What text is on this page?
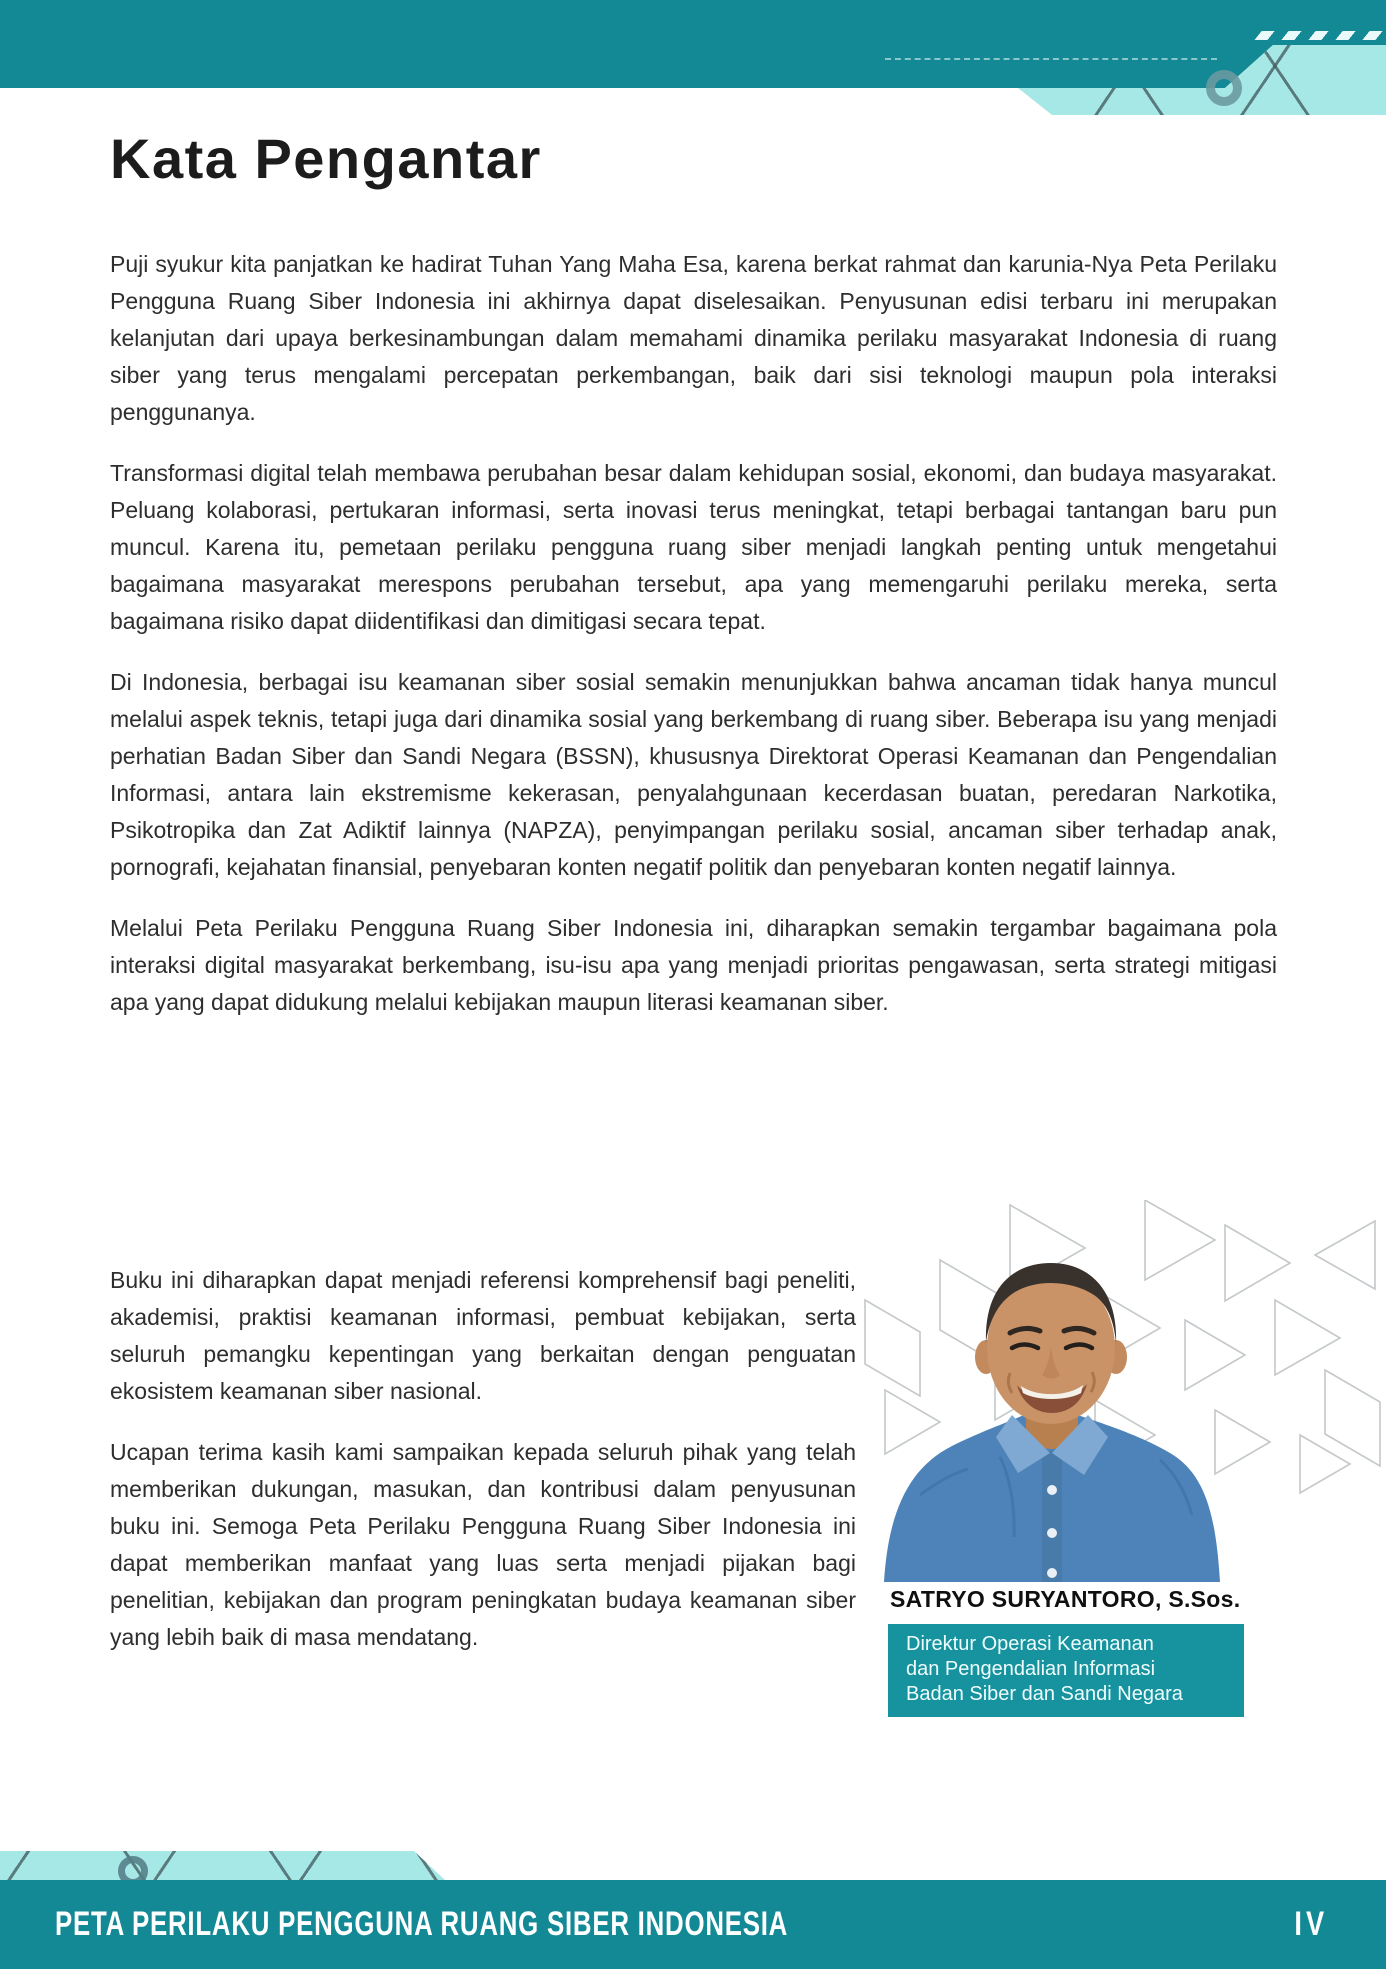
Kata Pengantar

Puji syukur kita panjatkan ke hadirat Tuhan Yang Maha Esa, karena berkat rahmat dan karunia-Nya Peta Perilaku Pengguna Ruang Siber Indonesia ini akhirnya dapat diselesaikan. Penyusunan edisi terbaru ini merupakan kelanjutan dari upaya berkesinambungan dalam memahami dinamika perilaku masyarakat Indonesia di ruang siber yang terus mengalami percepatan perkembangan, baik dari sisi teknologi maupun pola interaksi penggunanya.

Transformasi digital telah membawa perubahan besar dalam kehidupan sosial, ekonomi, dan budaya masyarakat. Peluang kolaborasi, pertukaran informasi, serta inovasi terus meningkat, tetapi berbagai tantangan baru pun muncul. Karena itu, pemetaan perilaku pengguna ruang siber menjadi langkah penting untuk mengetahui bagaimana masyarakat merespons perubahan tersebut, apa yang memengaruhi perilaku mereka, serta bagaimana risiko dapat diidentifikasi dan dimitigasi secara tepat.

Di Indonesia, berbagai isu keamanan siber sosial semakin menunjukkan bahwa ancaman tidak hanya muncul melalui aspek teknis, tetapi juga dari dinamika sosial yang berkembang di ruang siber. Beberapa isu yang menjadi perhatian Badan Siber dan Sandi Negara (BSSN), khususnya Direktorat Operasi Keamanan dan Pengendalian Informasi, antara lain ekstremisme kekerasan, penyalahgunaan kecerdasan buatan, peredaran Narkotika, Psikotropika dan Zat Adiktif lainnya (NAPZA), penyimpangan perilaku sosial, ancaman siber terhadap anak, pornografi, kejahatan finansial, penyebaran konten negatif politik dan penyebaran konten negatif lainnya.

Melalui Peta Perilaku Pengguna Ruang Siber Indonesia ini, diharapkan semakin tergambar bagaimana pola interaksi digital masyarakat berkembang, isu-isu apa yang menjadi prioritas pengawasan, serta strategi mitigasi apa yang dapat didukung melalui kebijakan maupun literasi keamanan siber.

Buku ini diharapkan dapat menjadi referensi komprehensif bagi peneliti, akademisi, praktisi keamanan informasi, pembuat kebijakan, serta seluruh pemangku kepentingan yang berkaitan dengan penguatan ekosistem keamanan siber nasional.

Ucapan terima kasih kami sampaikan kepada seluruh pihak yang telah memberikan dukungan, masukan, dan kontribusi dalam penyusunan buku ini. Semoga Peta Perilaku Pengguna Ruang Siber Indonesia ini dapat memberikan manfaat yang luas serta menjadi pijakan bagi penelitian, kebijakan dan program peningkatan budaya keamanan siber yang lebih baik di masa mendatang.

SATRYO SURYANTORO, S.Sos.
Direktur Operasi Keamanan
dan Pengendalian Informasi
Badan Siber dan Sandi Negara
PETA PERILAKU PENGGUNA RUANG SIBER INDONESIA	IV
